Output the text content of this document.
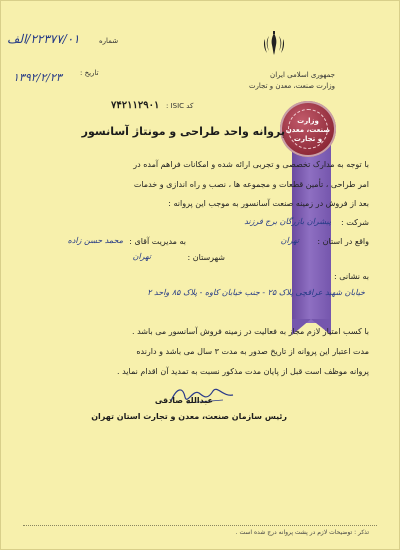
شماره
۲۲۳۷۷/۰۱/الف
تاریخ :
۱۳۹۲/۲/۲۳	جمهوری اسلامی ایران
وزارت صنعت، معدن و تجارت
کد ISIC :
۷۴۲۱۱۲۹۰۱
وزارت
صنعت، معدن
و تجارت
پروانه واحد طراحی و مونتاژ آسانسور
با توجه به مدارک تخصصی و تجربی ارائه شده و امکانات فراهم آمده در
امر طراحی ، تأمین قطعات و مجموعه ها ، نصب و راه اندازی و خدمات
بعد از فروش در زمینه صنعت آسانسور به موجب این پروانه :
شرکت :
پیشران بازرگان برج فرزند
به مدیریت آقای :
محمد حسن زاده	واقع در استان :
تهران
شهرستان :
تهران
به نشانی :
خیابان شهید عراقچی پلاک ۲۵ - جنب خیابان کاوه - پلاک ۸۵ واحد ۲
با کسب امتیاز لازم مجاز به فعالیت در زمینه فروش آسانسور می باشد .
مدت اعتبار این پروانه از تاریخ صدور به مدت ۳ سال می باشد و دارنده
پروانه موظف است قبل از پایان مدت مذکور نسبت به تمدید آن اقدام نماید .
عبدالله صادقی
رئیس سازمان صنعت، معدن و تجارت استان تهران
تذکر : توضیحات لازم در پشت پروانه درج شده است .
